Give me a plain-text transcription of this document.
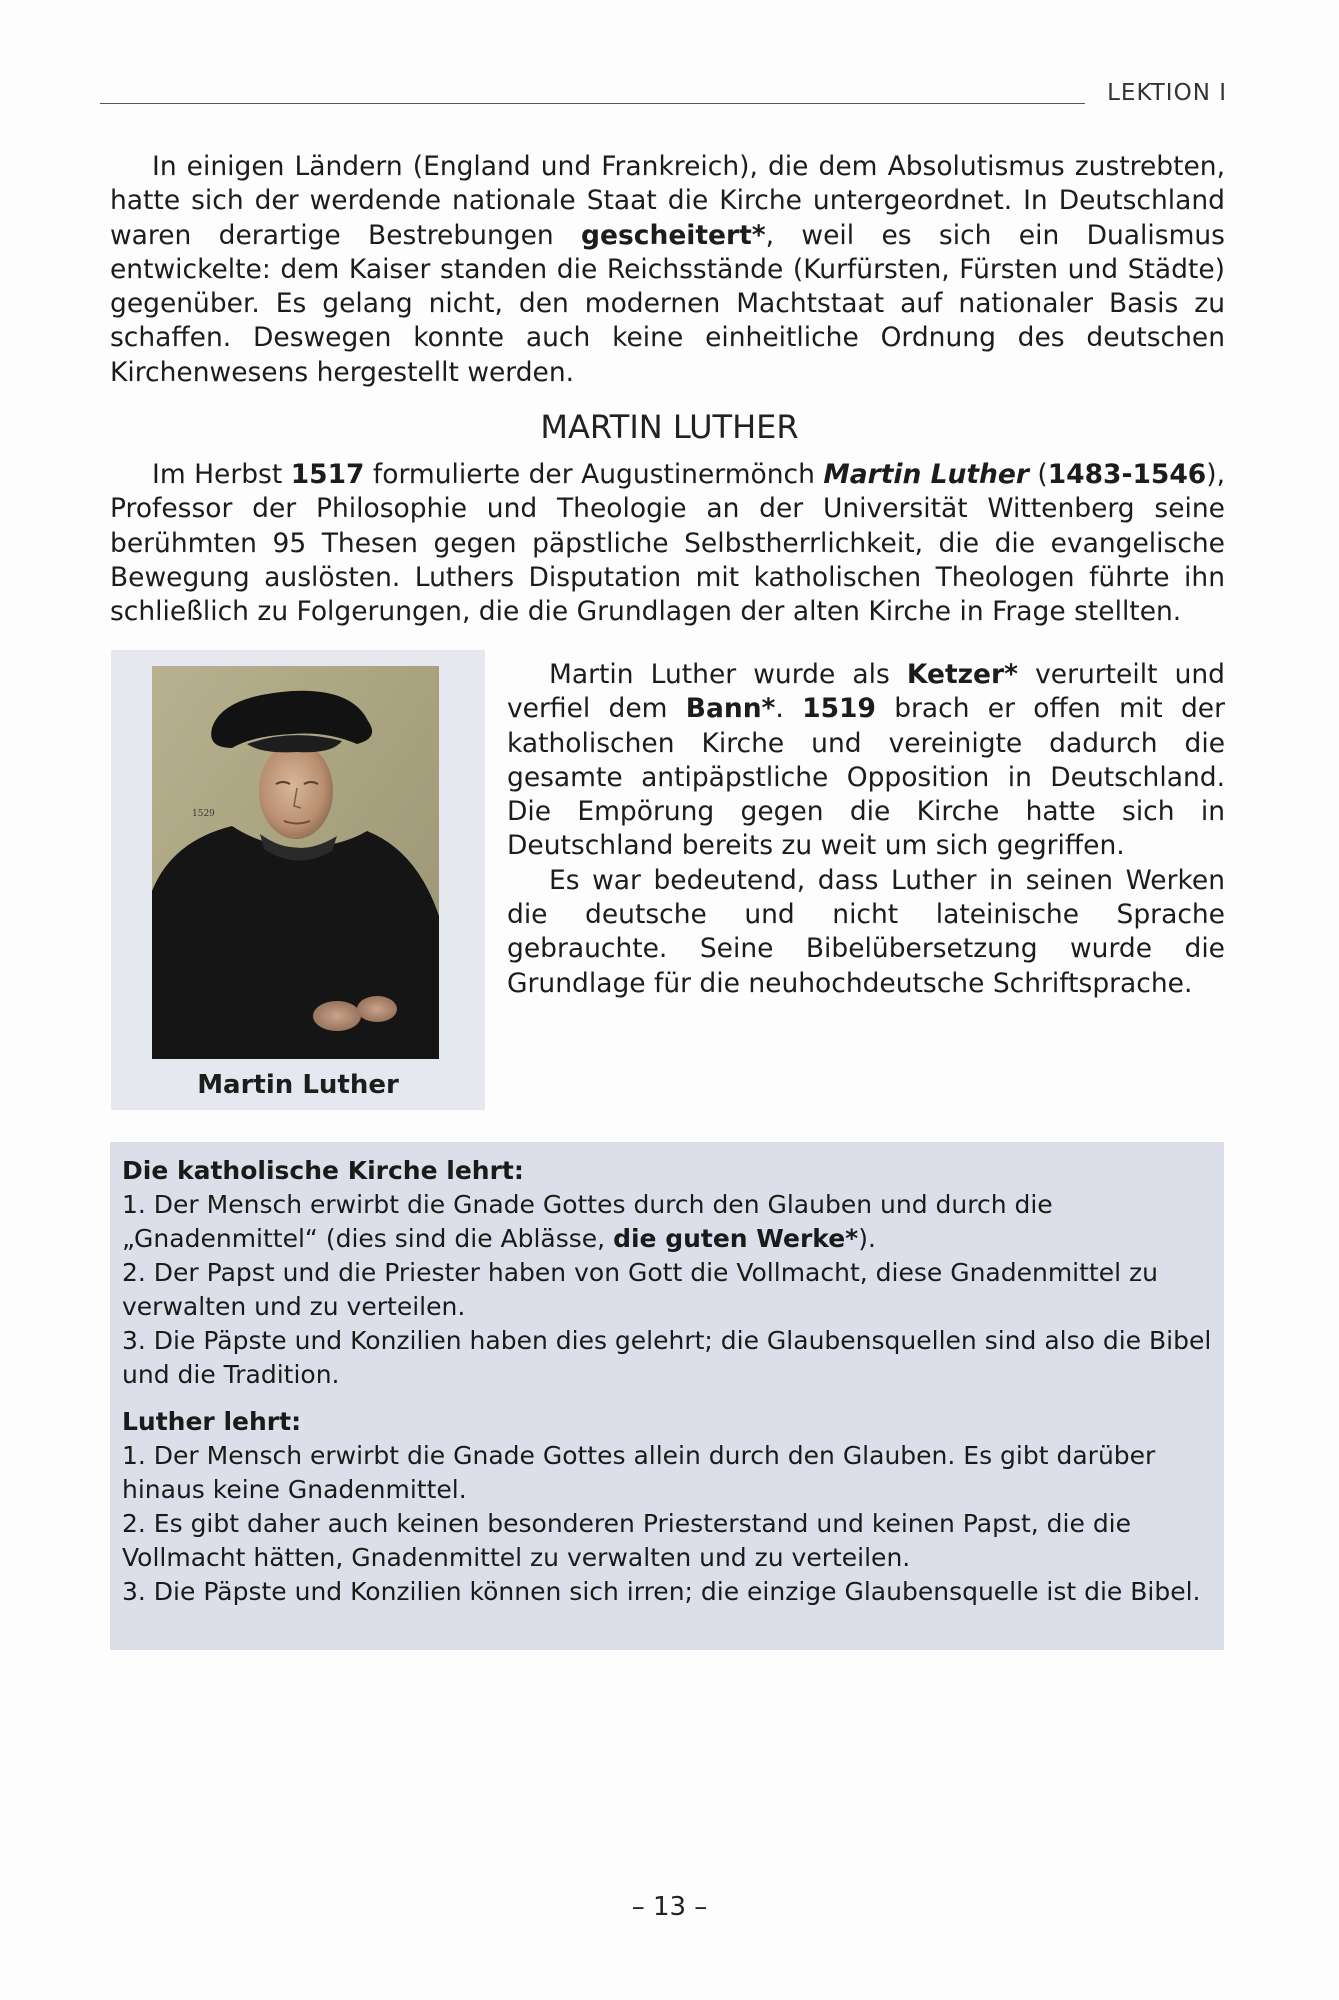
LEKTION I

In einigen Ländern (England und Frankreich), die dem Absolutismus zustrebten, hatte sich der werdende nationale Staat die Kirche untergeordnet. In Deutschland waren derartige Bestrebungen gescheitert*, weil es sich ein Dualismus entwickelte: dem Kaiser standen die Reichsstände (Kurfürsten, Fürsten und Städte) gegenüber. Es gelang nicht, den modernen Machtstaat auf nationaler Basis zu schaffen. Deswegen konnte auch keine einheitliche Ordnung des deutschen Kirchenwesens hergestellt werden.

MARTIN LUTHER

Im Herbst 1517 formulierte der Augustinermönch Martin Luther (1483-1546), Professor der Philosophie und Theologie an der Universität Wittenberg seine berühmten 95 Thesen gegen päpstliche Selbstherrlichkeit, die die evangelische Bewegung auslösten. Luthers Disputation mit katholischen Theologen führte ihn schließlich zu Folgerungen, die die Grundlagen der alten Kirche in Frage stellten.

1529
Martin Luther

Martin Luther wurde als Ketzer* verurteilt und verfiel dem Bann*. 1519 brach er offen mit der katholischen Kirche und vereinigte dadurch die gesamte antipäpstliche Opposition in Deutschland. Die Empörung gegen die Kirche hatte sich in Deutschland bereits zu weit um sich gegriffen.

Es war bedeutend, dass Luther in seinen Werken die deutsche und nicht lateinische Sprache gebrauchte. Seine Bibelübersetzung wurde die Grundlage für die neuhochdeutsche Schriftsprache.

Die katholische Kirche lehrt:

1. Der Mensch erwirbt die Gnade Gottes durch den Glauben und durch die „Gnadenmittel“ (dies sind die Ablässe, die guten Werke*).

2. Der Papst und die Priester haben von Gott die Vollmacht, diese Gnadenmittel zu verwalten und zu verteilen.

3. Die Päpste und Konzilien haben dies gelehrt; die Glaubensquellen sind also die Bibel und die Tradition.

Luther lehrt:

1. Der Mensch erwirbt die Gnade Gottes allein durch den Glauben. Es gibt darüber hinaus keine Gnadenmittel.

2. Es gibt daher auch keinen besonderen Priesterstand und keinen Papst, die die Vollmacht hätten, Gnadenmittel zu verwalten und zu verteilen.

3. Die Päpste und Konzilien können sich irren; die einzige Glaubensquelle ist die Bibel.

– 13 –
